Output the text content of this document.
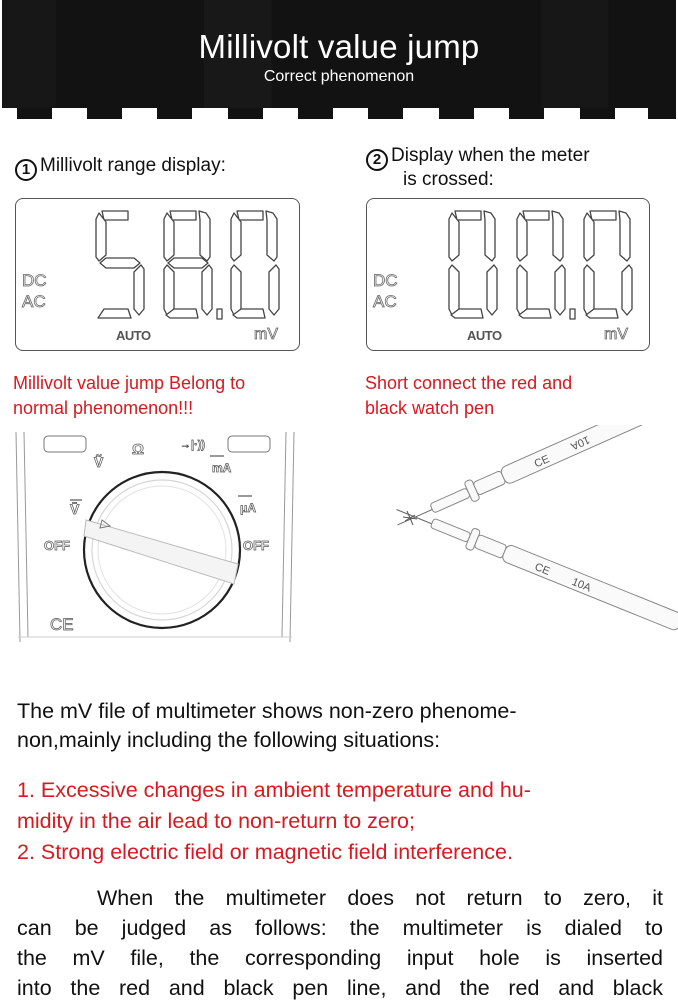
Millivolt value jump
Correct phenomenon
1 Millivolt range display:	2 Display when the meter
is crossed:
DC
AC
AUTO	mV
DC
AC
AUTO	mV
Millivolt value jump Belong to
normal phenomenon!!!
Short connect the red and
black watch pen
Ω	→|·))
Ṽ
V̄
mA
μA
OFF	OFF
CE
10A
CE
CE
10A
The mV file of multimeter shows non-zero phenome-
non,mainly including the following situations:
1. Excessive changes in ambient temperature and hu-
midity in the air lead to non-return to zero;
2. Strong electric field or magnetic field interference.
When the multimeter does not return to zero, it
can be judged as follows: the multimeter is dialed to
the mV file, the corresponding input hole is inserted
into the red and black pen line, and the red and black
